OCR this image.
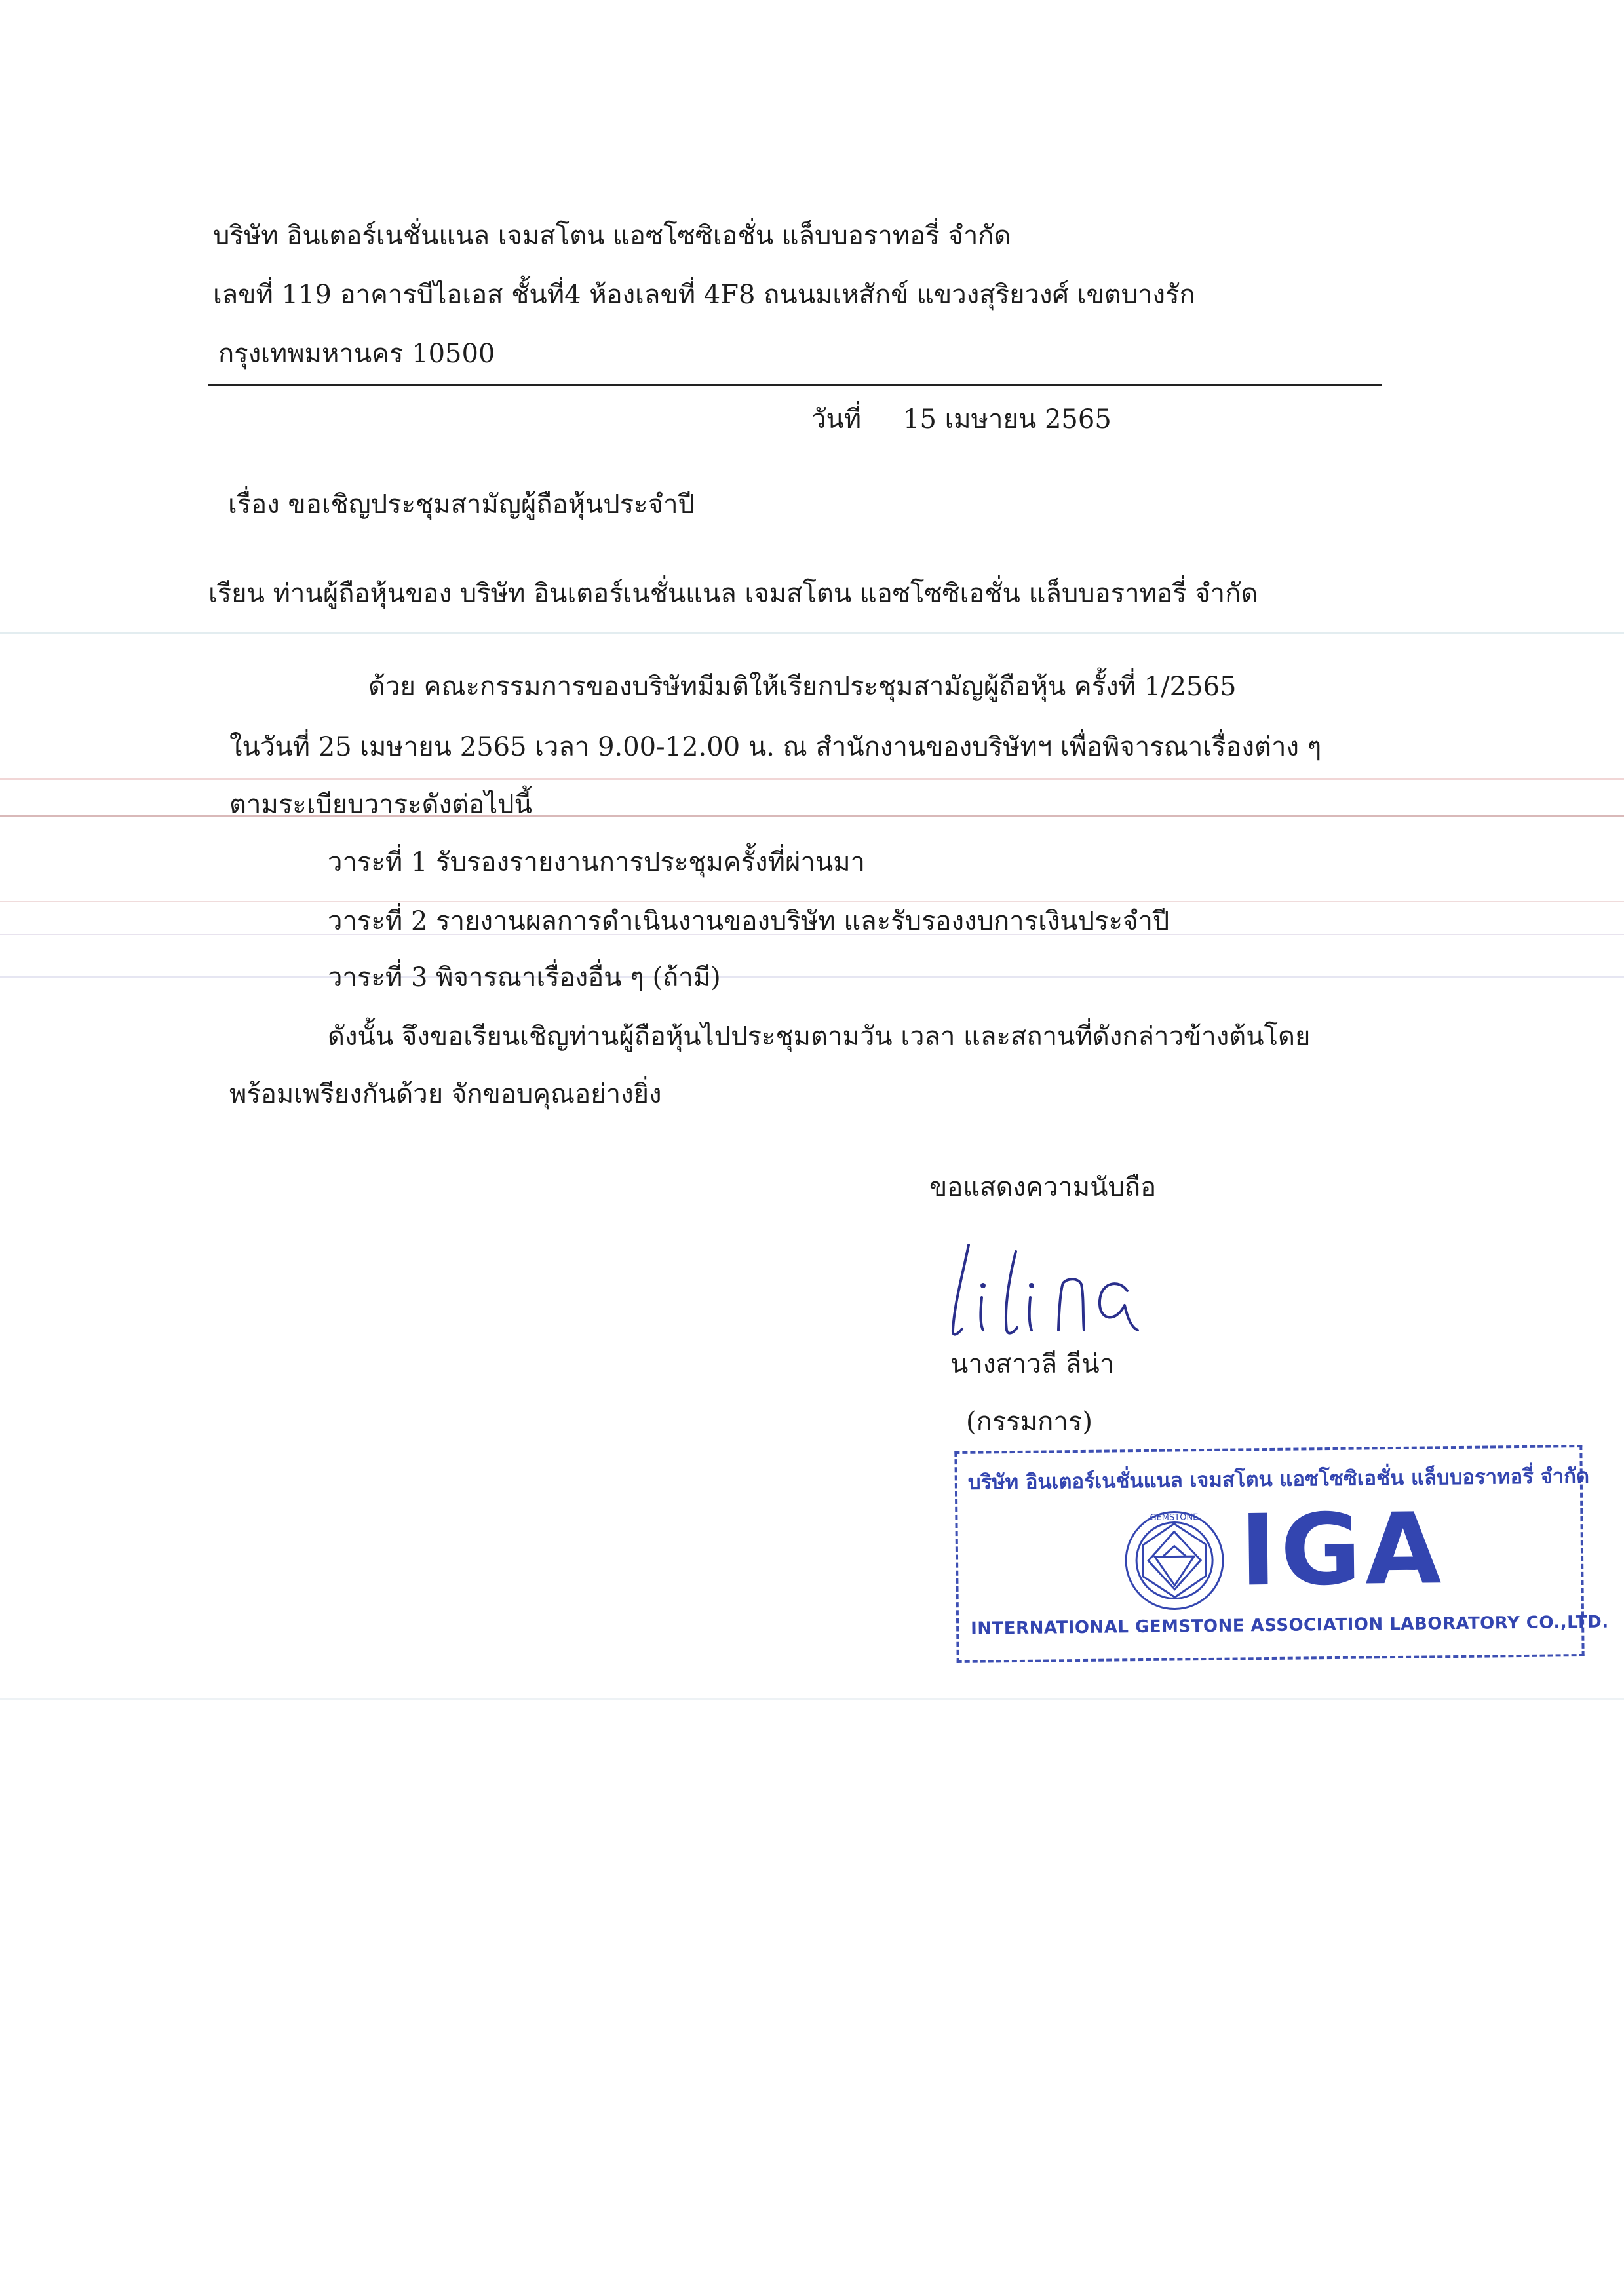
บริษัท อินเตอร์เนชั่นแนล เจมสโตน แอซโซซิเอชั่น แล็บบอราทอรี่ จำกัด
เลขที่ 119 อาคารบีไอเอส ชั้นที่4 ห้องเลขที่ 4F8 ถนนมเหสักข์ แขวงสุริยวงศ์ เขตบางรัก
กรุงเทพมหานคร 10500
วันที่ 15 เมษายน 2565
เรื่อง ขอเชิญประชุมสามัญผู้ถือหุ้นประจำปี
เรียน ท่านผู้ถือหุ้นของ บริษัท อินเตอร์เนชั่นแนล เจมสโตน แอซโซซิเอชั่น แล็บบอราทอรี่ จำกัด
ด้วย คณะกรรมการของบริษัทมีมติให้เรียกประชุมสามัญผู้ถือหุ้น ครั้งที่ 1/2565
ในวันที่ 25 เมษายน 2565 เวลา 9.00-12.00 น. ณ สำนักงานของบริษัทฯ เพื่อพิจารณาเรื่องต่าง ๆ
ตามระเบียบวาระดังต่อไปนี้
วาระที่ 1 รับรองรายงานการประชุมครั้งที่ผ่านมา
วาระที่ 2 รายงานผลการดำเนินงานของบริษัท และรับรองงบการเงินประจำปี
วาระที่ 3 พิจารณาเรื่องอื่น ๆ (ถ้ามี)
ดังนั้น จึงขอเรียนเชิญท่านผู้ถือหุ้นไปประชุมตามวัน เวลา และสถานที่ดังกล่าวข้างต้นโดย
พร้อมเพรียงกันด้วย จักขอบคุณอย่างยิ่ง
ขอแสดงความนับถือ
นางสาวลี ลีน่า
(กรรมการ)
บริษัท อินเตอร์เนชั่นแนล เจมสโตน แอซโซซิเอชั่น แล็บบอราทอรี่ จำกัด
GEMSTONE IGA
INTERNATIONAL GEMSTONE ASSOCIATION LABORATORY CO.,LTD.
